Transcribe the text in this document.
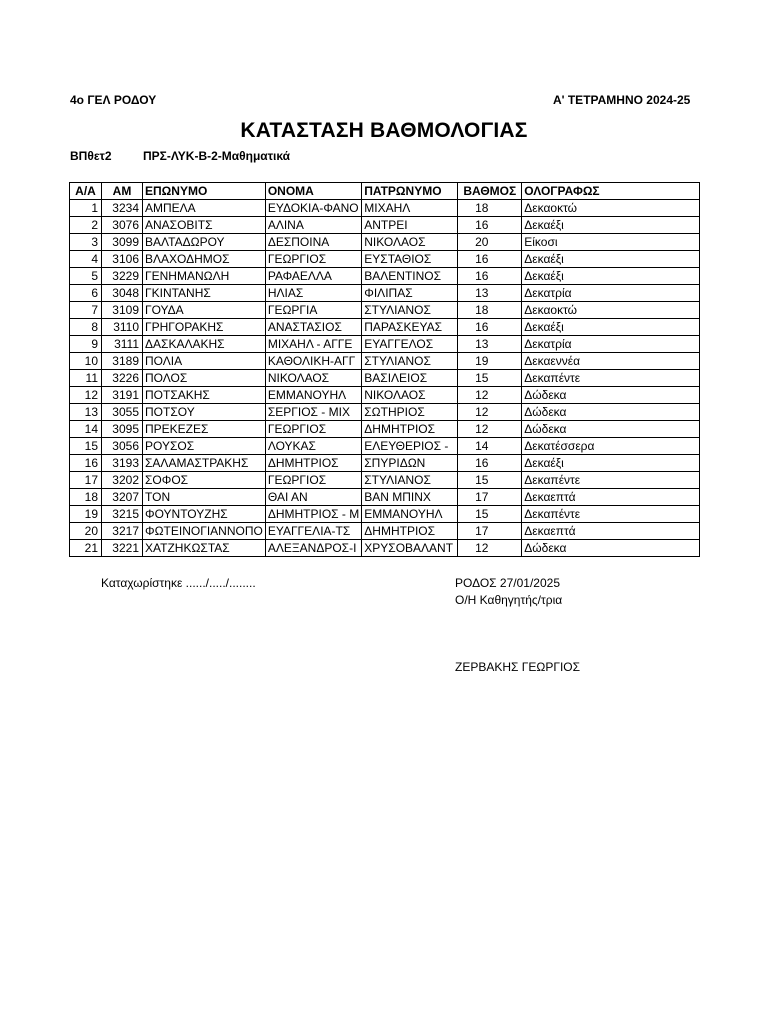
4ο ΓΕΛ ΡΟΔΟΥ	Α' ΤΕΤΡΑΜΗΝΟ 2024-25
ΚΑΤΑΣΤΑΣΗ ΒΑΘΜΟΛΟΓΙΑΣ
ΒΠθετ2	ΠΡΣ-ΛΥΚ-Β-2-Μαθηματικά
Α/Α	ΑΜ	ΕΠΩΝΥΜΟ	ΟΝΟΜΑ	ΠΑΤΡΩΝΥΜΟ	ΒΑΘΜΟΣ	ΟΛΟΓΡΑΦΩΣ
1	3234	ΑΜΠΕΛΑ	ΕΥΔΟΚΙΑ-ΦΑΝΟ	ΜΙΧΑΗΛ	18	Δεκαοκτώ
2	3076	ΑΝΑΣΟΒΙΤΣ	ΑΛΙΝΑ	ΑΝΤΡΕΙ	16	Δεκαέξι
3	3099	ΒΑΛΤΑΔΩΡΟΥ	ΔΕΣΠΟΙΝΑ	ΝΙΚΟΛΑΟΣ	20	Είκοσι
4	3106	ΒΛΑΧΟΔΗΜΟΣ	ΓΕΩΡΓΙΟΣ	ΕΥΣΤΑΘΙΟΣ	16	Δεκαέξι
5	3229	ΓΕΝΗΜΑΝΩΛΗ	ΡΑΦΑΕΛΛΑ	ΒΑΛΕΝΤΙΝΟΣ	16	Δεκαέξι
6	3048	ΓΚΙΝΤΑΝΗΣ	ΗΛΙΑΣ	ΦΙΛΙΠΑΣ	13	Δεκατρία
7	3109	ΓΟΥΔΑ	ΓΕΩΡΓΙΑ	ΣΤΥΛΙΑΝΟΣ	18	Δεκαοκτώ
8	3110	ΓΡΗΓΟΡΑΚΗΣ	ΑΝΑΣΤΑΣΙΟΣ	ΠΑΡΑΣΚΕΥΑΣ	16	Δεκαέξι
9	3111	ΔΑΣΚΑΛΑΚΗΣ	ΜΙΧΑΗΛ - ΑΓΓΕ	ΕΥΑΓΓΕΛΟΣ	13	Δεκατρία
10	3189	ΠΟΛΙΑ	ΚΑΘΟΛΙΚΗ-ΑΓΓ	ΣΤΥΛΙΑΝΟΣ	19	Δεκαεννέα
11	3226	ΠΟΛΟΣ	ΝΙΚΟΛΑΟΣ	ΒΑΣΙΛΕΙΟΣ	15	Δεκαπέντε
12	3191	ΠΟΤΣΑΚΗΣ	ΕΜΜΑΝΟΥΗΛ	ΝΙΚΟΛΑΟΣ	12	Δώδεκα
13	3055	ΠΟΤΣΟΥ	ΣΕΡΓΙΟΣ - ΜΙΧ	ΣΩΤΗΡΙΟΣ	12	Δώδεκα
14	3095	ΠΡΕΚΕΖΕΣ	ΓΕΩΡΓΙΟΣ	ΔΗΜΗΤΡΙΟΣ	12	Δώδεκα
15	3056	ΡΟΥΣΟΣ	ΛΟΥΚΑΣ	ΕΛΕΥΘΕΡΙΟΣ -	14	Δεκατέσσερα
16	3193	ΣΑΛΑΜΑΣΤΡΑΚΗΣ	ΔΗΜΗΤΡΙΟΣ	ΣΠΥΡΙΔΩΝ	16	Δεκαέξι
17	3202	ΣΟΦΟΣ	ΓΕΩΡΓΙΟΣ	ΣΤΥΛΙΑΝΟΣ	15	Δεκαπέντε
18	3207	ΤΟΝ	ΘΑΙ ΑΝ	ΒΑΝ ΜΠΙΝΧ	17	Δεκαεπτά
19	3215	ΦΟΥΝΤΟΥΖΗΣ	ΔΗΜΗΤΡΙΟΣ - Μ	ΕΜΜΑΝΟΥΗΛ	15	Δεκαπέντε
20	3217	ΦΩΤΕΙΝΟΓΙΑΝΝΟΠΟ	ΕΥΑΓΓΕΛΙΑ-ΤΣ	ΔΗΜΗΤΡΙΟΣ	17	Δεκαεπτά
21	3221	ΧΑΤΖΗΚΩΣΤΑΣ	ΑΛΕΞΑΝΔΡΟΣ-Ι	ΧΡΥΣΟΒΑΛΑΝΤ	12	Δώδεκα
Καταχωρίστηκε ....../...../........	ΡΟΔΟΣ 27/01/2025
Ο/Η Καθηγητής/τρια
ΖΕΡΒΑΚΗΣ ΓΕΩΡΓΙΟΣ
